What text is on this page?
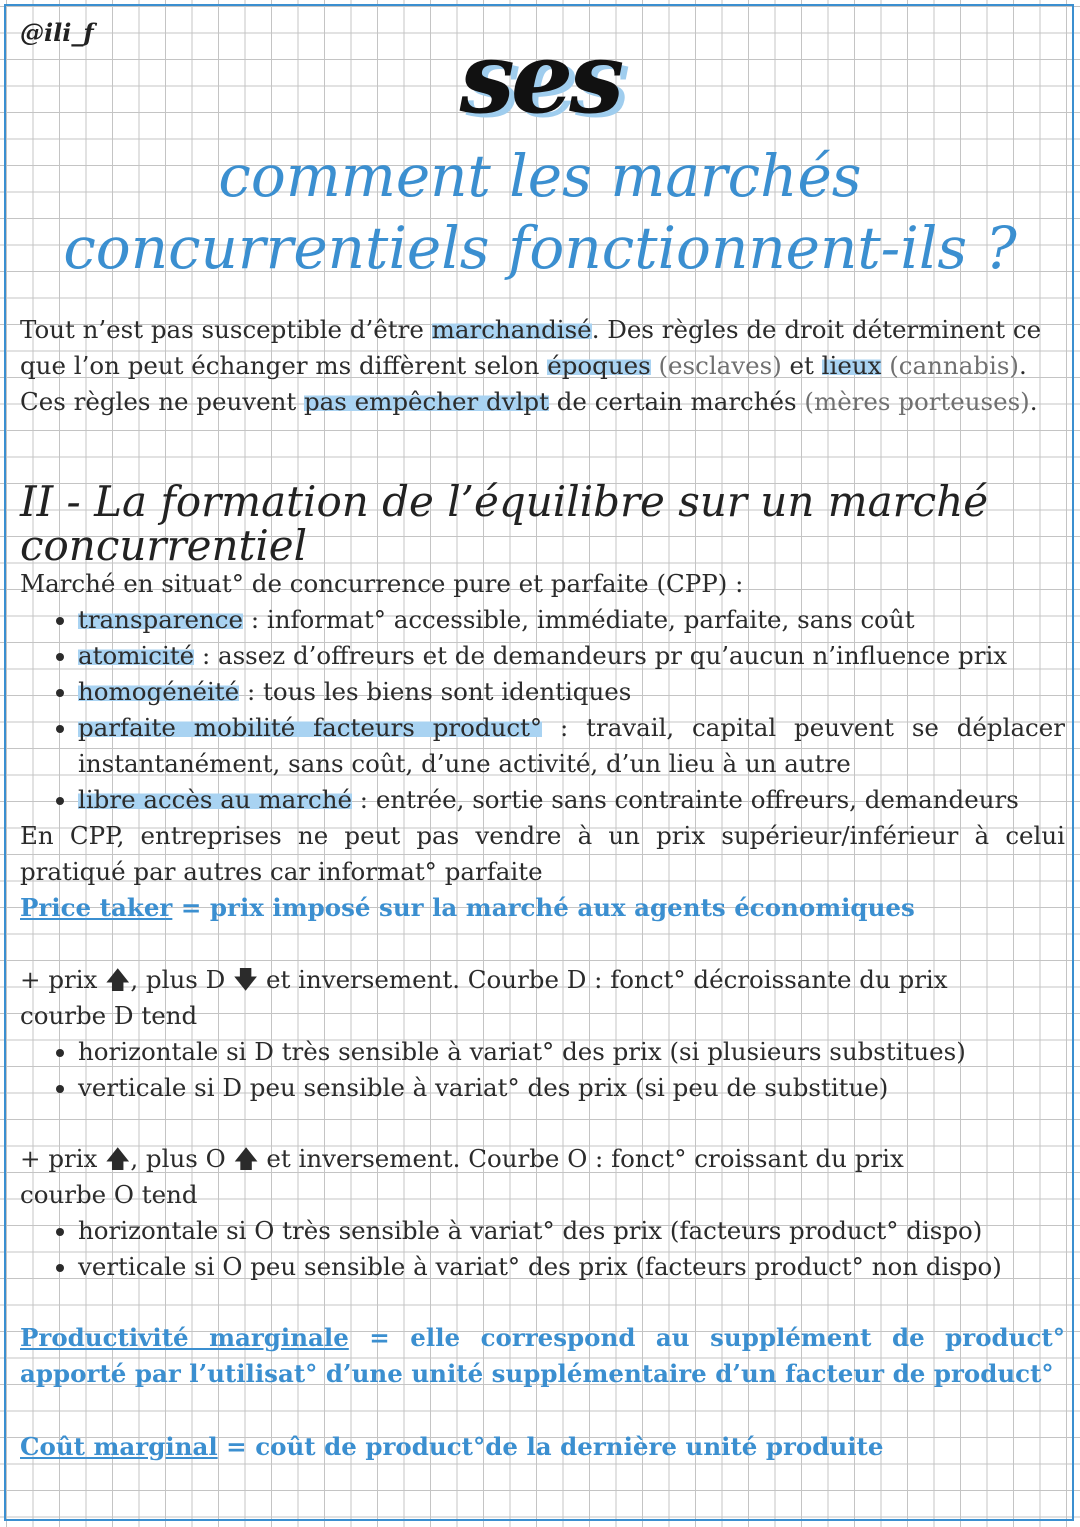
@ili_f	ses
comment les marchés concurrentiels fonctionnent-ils ?
Tout n’est pas susceptible d’être marchandisé. Des règles de droit déterminent ce que l’on peut échanger ms diffèrent selon époques (esclaves) et lieux (cannabis).
Ces règles ne peuvent pas empêcher dvlpt de certain marchés (mères porteuses).
II - La formation de l’équilibre sur un marché concurrentiel
Marché en situat° de concurrence pure et parfaite (CPP) :
• transparence : informat° accessible, immédiate, parfaite, sans coût
• atomicité : assez d’offreurs et de demandeurs pr qu’aucun n’influence prix
• homogénéité : tous les biens sont identiques
• parfaite mobilité facteurs product° : travail, capital peuvent se déplacer instantanément, sans coût, d’une activité, d’un lieu à un autre
• libre accès au marché : entrée, sortie sans contrainte offreurs, demandeurs
En CPP, entreprises ne peut pas vendre à un prix supérieur/inférieur à celui pratiqué par autres car informat° parfaite
Price taker = prix imposé sur la marché aux agents économiques
+ prix 🡅, plus D 🡇 et inversement. Courbe D : fonct° décroissante du prix
courbe D tend
• horizontale si D très sensible à variat° des prix (si plusieurs substitues)
• verticale si D peu sensible à variat° des prix (si peu de substitue)
+ prix 🡅, plus O 🡅 et inversement. Courbe O : fonct° croissant du prix
courbe O tend
• horizontale si O très sensible à variat° des prix (facteurs product° dispo)
• verticale si O peu sensible à variat° des prix (facteurs product° non dispo)
Productivité marginale = elle correspond au supplément de product° apporté par l’utilisat° d’une unité supplémentaire d’un facteur de product°
Coût marginal = coût de product°de la dernière unité produite
